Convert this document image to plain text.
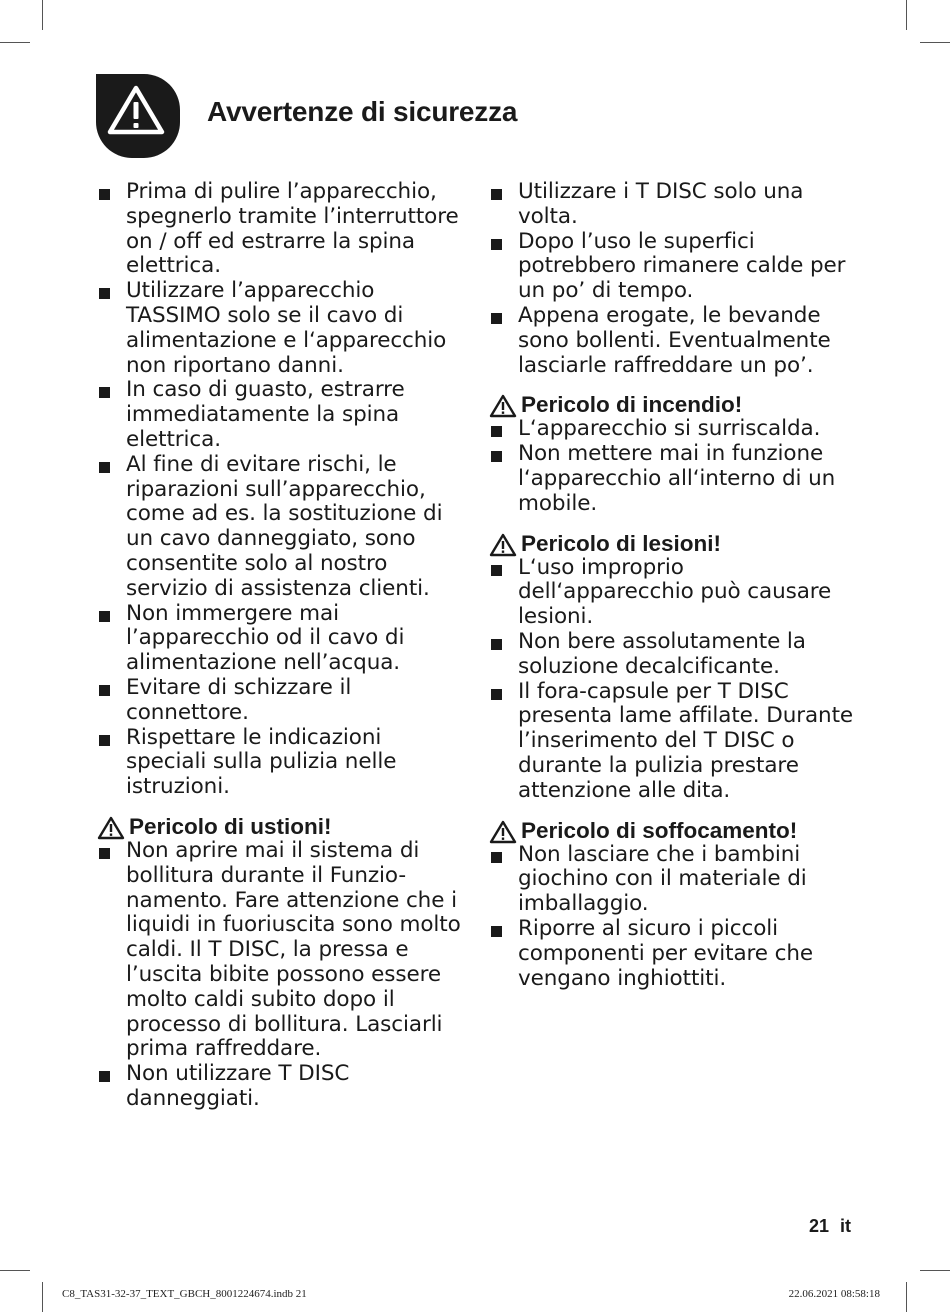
Avvertenze di sicurezza
Prima di pulire l’apparecchio, spegnerlo tramite l’interruttore on / off ed estrarre la spina elettrica.
Utilizzare l’apparecchio TASSIMO solo se il cavo di alimentazione e l‘apparecchio non riportano danni.
In caso di guasto, estrarre immediatamente la spina elettrica.
Al fine di evitare rischi, le riparazioni sull’apparecchio, come ad es. la sostituzione di un cavo danneggiato, sono consentite solo al nostro servizio di assistenza clienti.
Non immergere mai l’apparecchio od il cavo di alimentazione nell’acqua.
Evitare di schizzare il connettore.
Rispettare le indicazioni speciali sulla pulizia nelle istruzioni.
Pericolo di ustioni!
Non aprire mai il sistema di bollitura durante il Funzio-namento. Fare attenzione che i liquidi in fuoriuscita sono molto caldi. Il T DISC, la pressa e l’uscita bibite possono essere molto caldi subito dopo il processo di bollitura. Lasciarli prima raffreddare.
Non utilizzare T DISC danneggiati.
Utilizzare i T DISC solo una volta.
Dopo l’uso le superfici potrebbero rimanere calde per un po’ di tempo.
Appena erogate, le bevande sono bollenti. Eventualmente lasciarle raffreddare un po’.
Pericolo di incendio!
L‘apparecchio si surriscalda.
Non mettere mai in funzione l‘apparecchio all‘interno di un mobile.
Pericolo di lesioni!
L‘uso improprio dell‘apparecchio può causare lesioni.
Non bere assolutamente la soluzione decalcificante.
Il fora-capsule per T DISC presenta lame affilate. Durante l’inserimento del T DISC o durante la pulizia prestare attenzione alle dita.
Pericolo di soffocamento!
Non lasciare che i bambini giochino con il materiale di imballaggio.
Riporre al sicuro i piccoli componenti per evitare che vengano inghiottiti.
21 it
C8_TAS31-32-37_TEXT_GBCH_8001224674.indb 21	22.06.2021 08:58:18
